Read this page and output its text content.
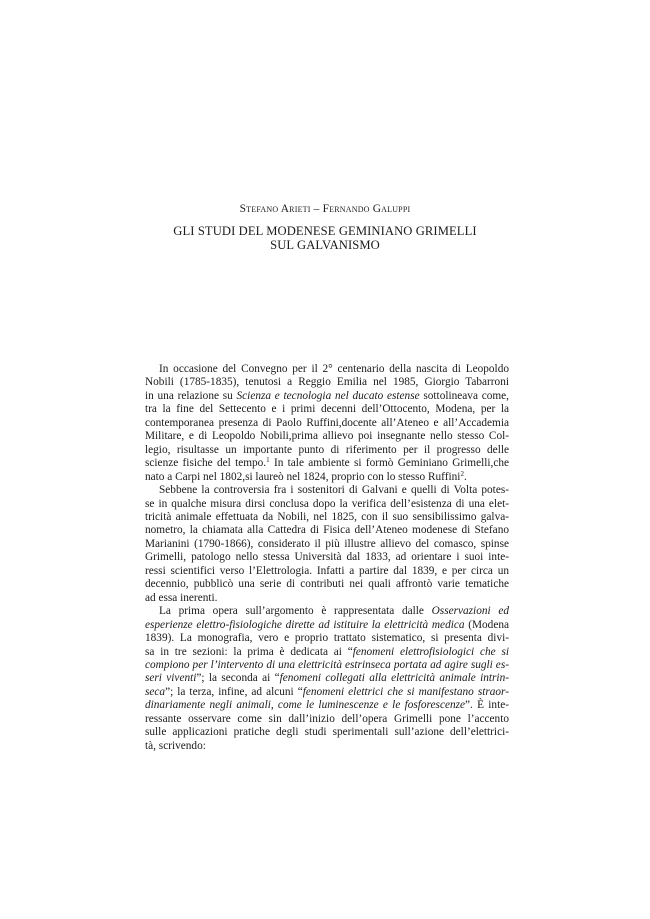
Stefano Arieti – Fernando Galuppi
GLI STUDI DEL MODENESE GEMINIANO GRIMELLI
SUL GALVANISMO
In occasione del Convegno per il 2° centenario della nascita di Leopoldo
Nobili (1785-1835), tenutosi a Reggio Emilia nel 1985, Giorgio Tabarroni
in una relazione su Scienza e tecnologia nel ducato estense sottolineava come,
tra la fine del Settecento e i primi decenni dell’Ottocento, Modena, per la
contemporanea presenza di Paolo Ruffini,docente all’Ateneo e all’Accademia
Militare, e di Leopoldo Nobili,prima allievo poi insegnante nello stesso Col-
legio, risultasse un importante punto di riferimento per il progresso delle
scienze fisiche del tempo.$^1$ In tale ambiente si formò Geminiano Grimelli,che
nato a Carpi nel 1802,si laureò nel 1824, proprio con lo stesso Ruffini$^2$.
Sebbene la controversia fra i sostenitori di Galvani e quelli di Volta potes-
se in qualche misura dirsi conclusa dopo la verifica dell’esistenza di una elet-
tricità animale effettuata da Nobili, nel 1825, con il suo sensibilissimo galva-
nometro, la chiamata alla Cattedra di Fisica dell’Ateneo modenese di Stefano
Marianini (1790-1866), considerato il più illustre allievo del comasco, spinse
Grimelli, patologo nello stessa Università dal 1833, ad orientare i suoi inte-
ressi scientifici verso l’Elettrologia. Infatti a partire dal 1839, e per circa un
decennio, pubblicò una serie di contributi nei quali affrontò varie tematiche
ad essa inerenti.
La prima opera sull’argomento è rappresentata dalle Osservazioni ed
esperienze elettro-fisiologiche dirette ad istituire la elettricità medica (Modena
1839). La monografia, vero e proprio trattato sistematico, si presenta divi-
sa in tre sezioni: la prima è dedicata ai “fenomeni elettrofisiologici che si
compiono per l’intervento di una elettricità estrinseca portata ad agire sugli es-
seri viventi”; la seconda ai “fenomeni collegati alla elettricità animale intrin-
seca”; la terza, infine, ad alcuni “fenomeni elettrici che si manifestano straor-
dinariamente negli animali, come le luminescenze e le fosforescenze”. È inte-
ressante osservare come sin dall’inizio dell’opera Grimelli pone l’accento
sulle applicazioni pratiche degli studi sperimentali sull’azione dell’elettrici-
tà, scrivendo:
